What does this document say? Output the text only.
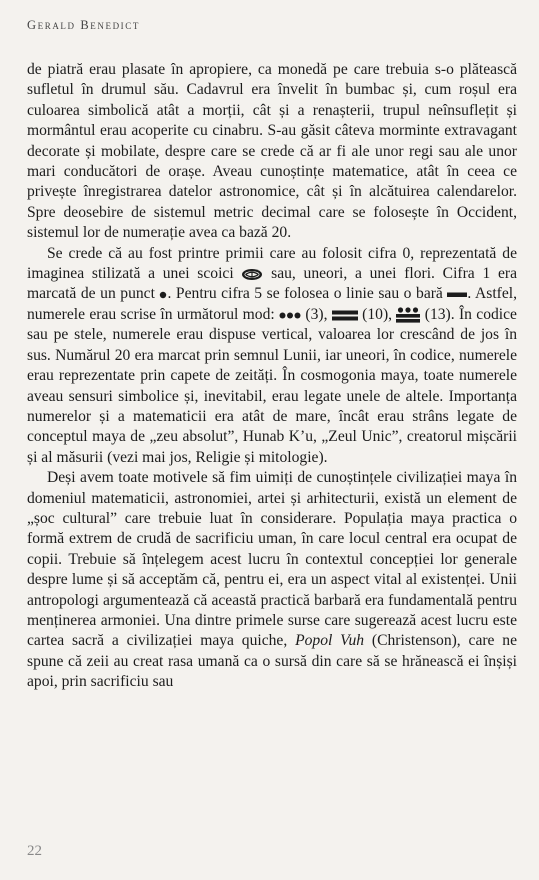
Gerald Benedict

de piatră erau plasate în apropiere, ca monedă pe care trebuia s-o plătească sufletul în drumul său. Cadavrul era învelit în bumbac și, cum roșul era culoarea simbolică atât a morții, cât și a renașterii, trupul neînsuflețit și mormântul erau acoperite cu cinabru. S-au găsit câteva morminte extravagant decorate și mobilate, despre care se crede că ar fi ale unor regi sau ale unor mari conducători de orașe. Aveau cunoștințe matematice, atât în ceea ce privește înregistrarea datelor astronomice, cât și în alcătuirea calendarelor. Spre deosebire de sistemul metric decimal care se folosește în Occident, sistemul lor de numerație avea ca bază 20.

Se crede că au fost printre primii care au folosit cifra 0, reprezentată de imaginea stilizată a unei scoici  sau, uneori, a unei flori. Cifra 1 era marcată de un punct . Pentru cifra 5 se folosea o linie sau o bară . Astfel, numerele erau scrise în următorul mod:  (3),  (10),  (13). În codice sau pe stele, numerele erau dispuse vertical, valoarea lor crescând de jos în sus. Numărul 20 era marcat prin semnul Lunii, iar uneori, în codice, numerele erau reprezentate prin capete de zeități. În cosmogonia maya, toate numerele aveau sensuri simbolice și, inevitabil, erau legate unele de altele. Importanța numerelor și a matematicii era atât de mare, încât erau strâns legate de conceptul maya de „zeu absolut”, Hunab K’u, „Zeul Unic”, creatorul mișcării și al măsurii (vezi mai jos, Religie și mitologie).

Deși avem toate motivele să fim uimiți de cunoștințele civilizației maya în domeniul matematicii, astronomiei, artei și arhitecturii, există un element de „șoc cultural” care trebuie luat în considerare. Populația maya practica o formă extrem de crudă de sacrificiu uman, în care locul central era ocupat de copii. Trebuie să înțelegem acest lucru în contextul concepției lor generale despre lume și să acceptăm că, pentru ei, era un aspect vital al existenței. Unii antropologi argumentează că această practică barbară era fundamentală pentru menținerea armoniei. Una dintre primele surse care sugerează acest lucru este cartea sacră a civilizației maya quiche, Popol Vuh (Christenson), care ne spune că zeii au creat rasa umană ca o sursă din care să se hrănească ei înșiși apoi, prin sacrificiu sau

22
